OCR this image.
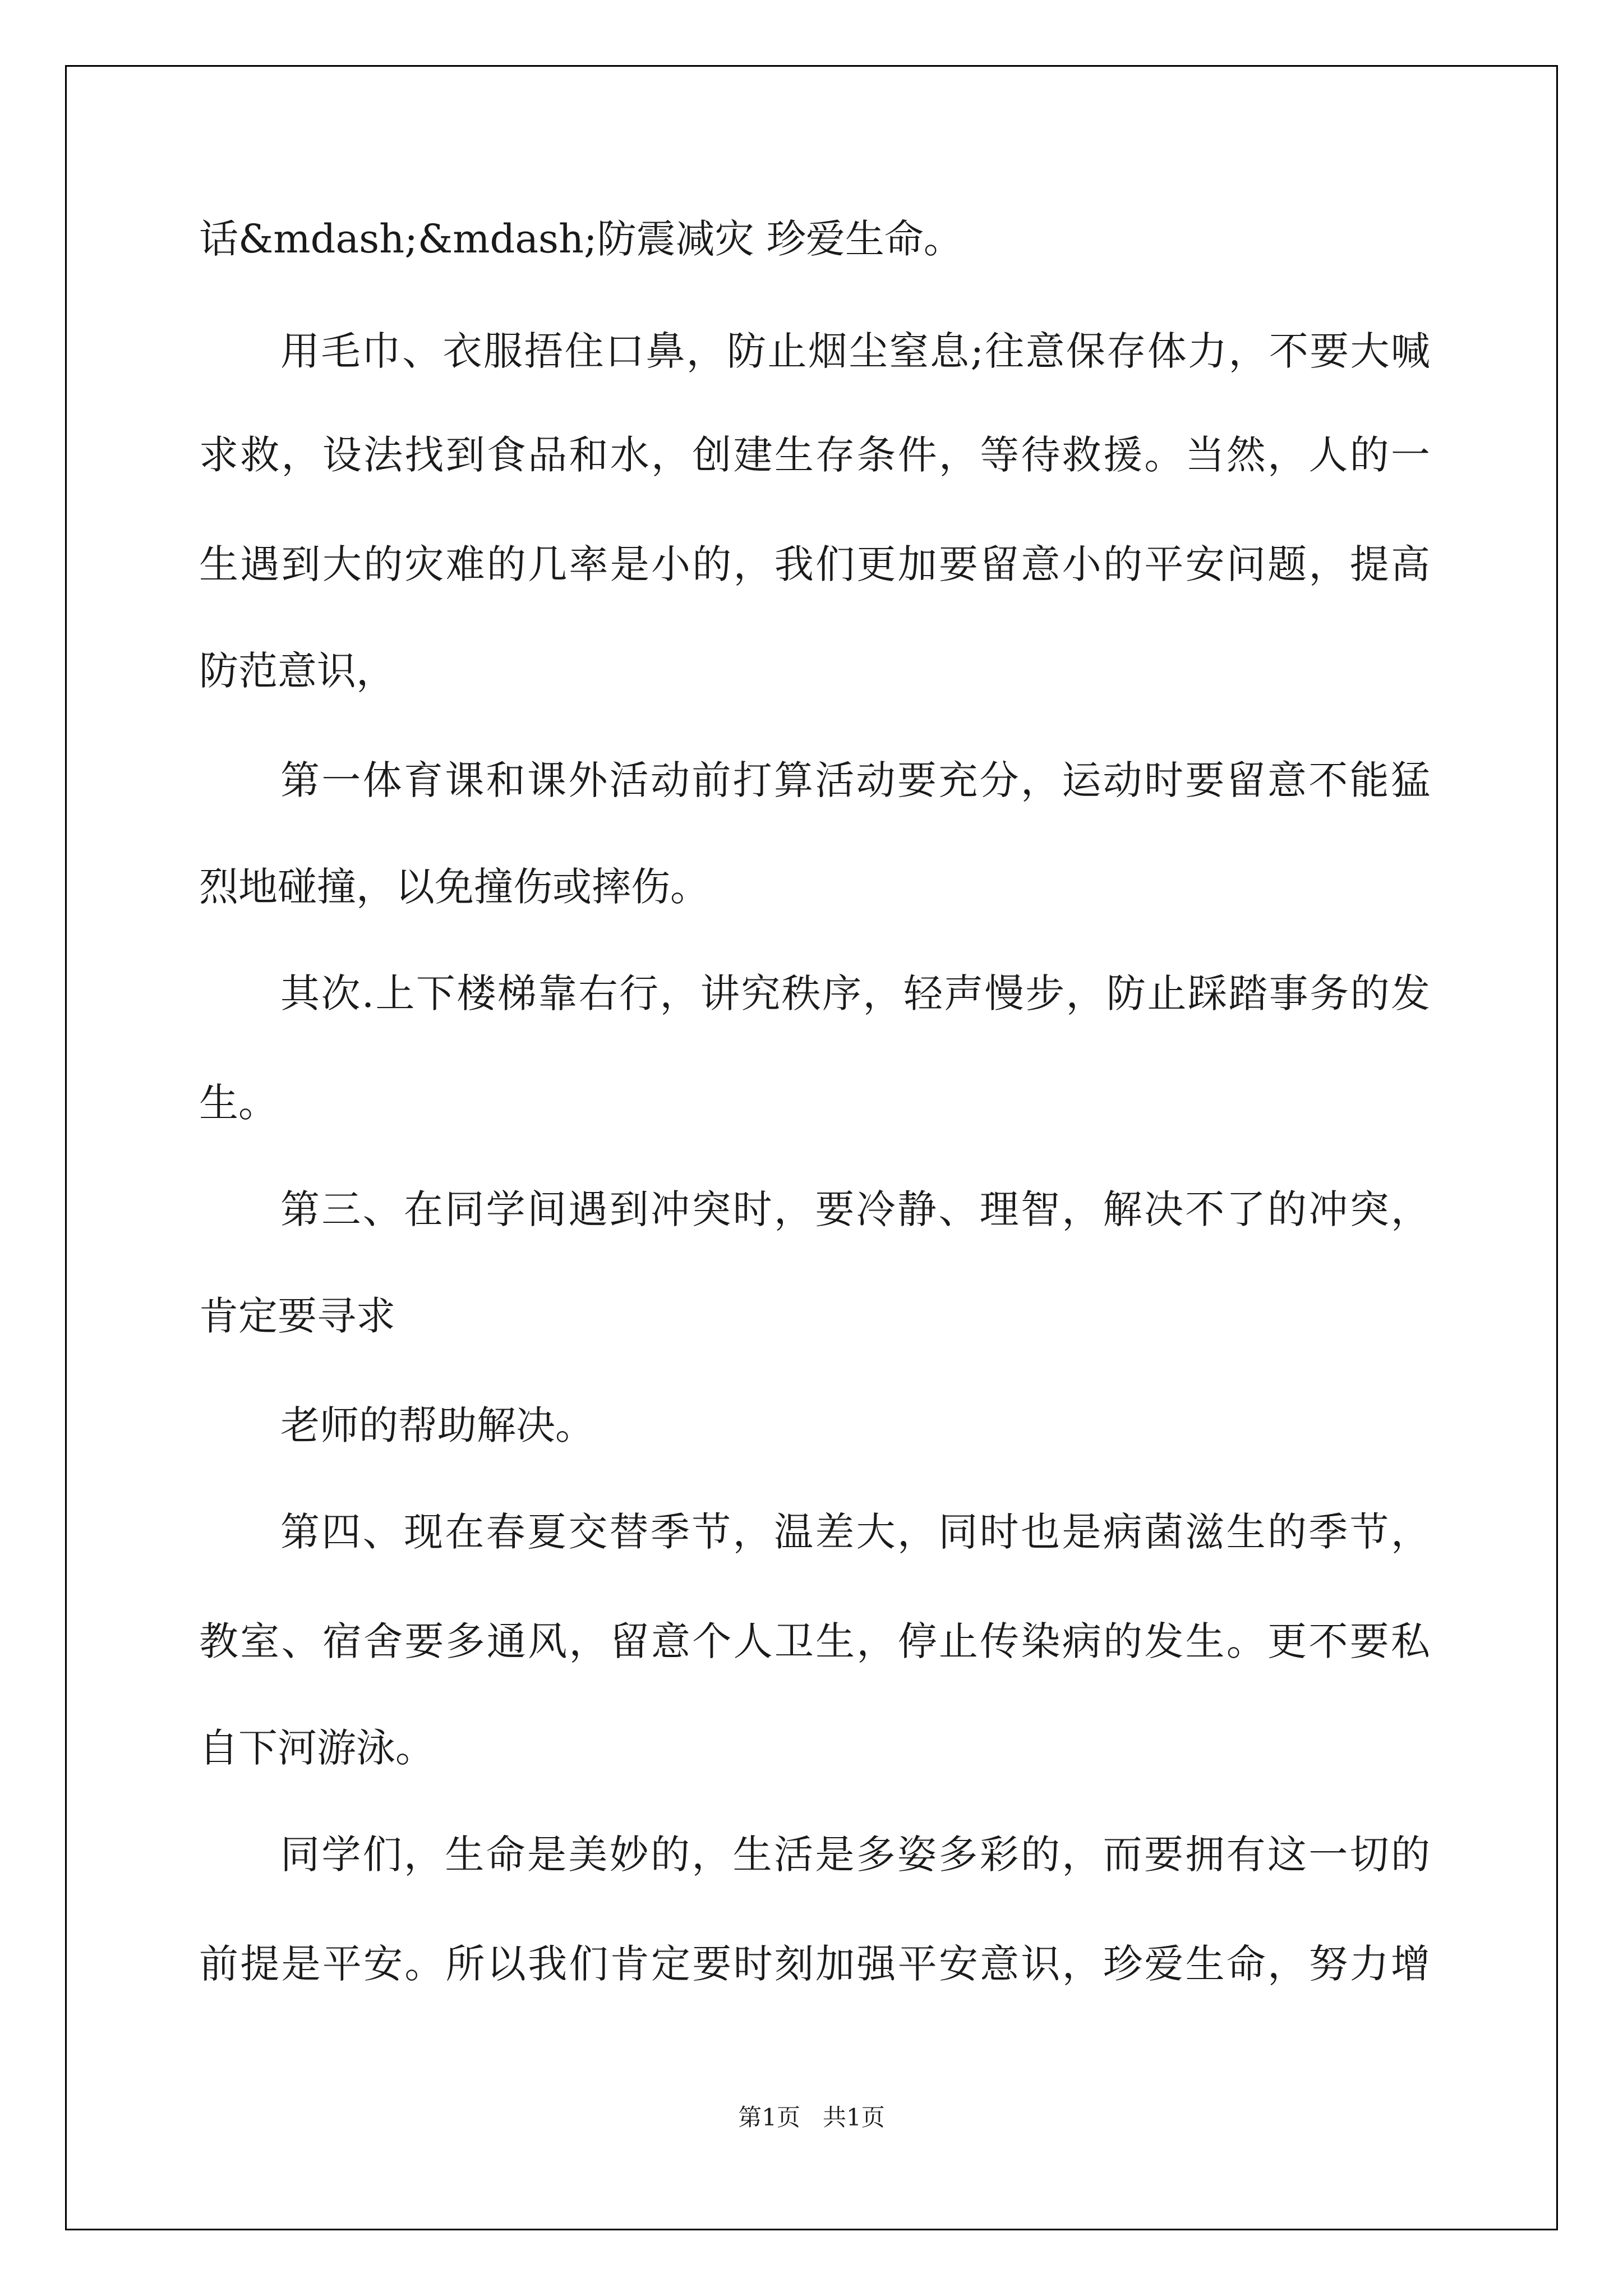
话&mdash;&mdash;防震减灾 珍爱生命。
用毛巾、衣服捂住口鼻，防止烟尘窒息;往意保存体力，不要大喊
求救，设法找到食品和水，创建生存条件，等待救援。当然，人的一
生遇到大的灾难的几率是小的，我们更加要留意小的平安问题，提高
防范意识，
第一体育课和课外活动前打算活动要充分，运动时要留意不能猛
烈地碰撞，以免撞伤或摔伤。
其次.上下楼梯靠右行，讲究秩序，轻声慢步，防止踩踏事务的发
生。
第三、在同学间遇到冲突时，要冷静、理智，解决不了的冲突，
肯定要寻求
老师的帮助解决。
第四、现在春夏交替季节，温差大，同时也是病菌滋生的季节，
教室、宿舍要多通风，留意个人卫生，停止传染病的发生。更不要私
自下河游泳。
同学们，生命是美妙的，生活是多姿多彩的，而要拥有这一切的
前提是平安。所以我们肯定要时刻加强平安意识，珍爱生命，努力增
第1页   共1页
